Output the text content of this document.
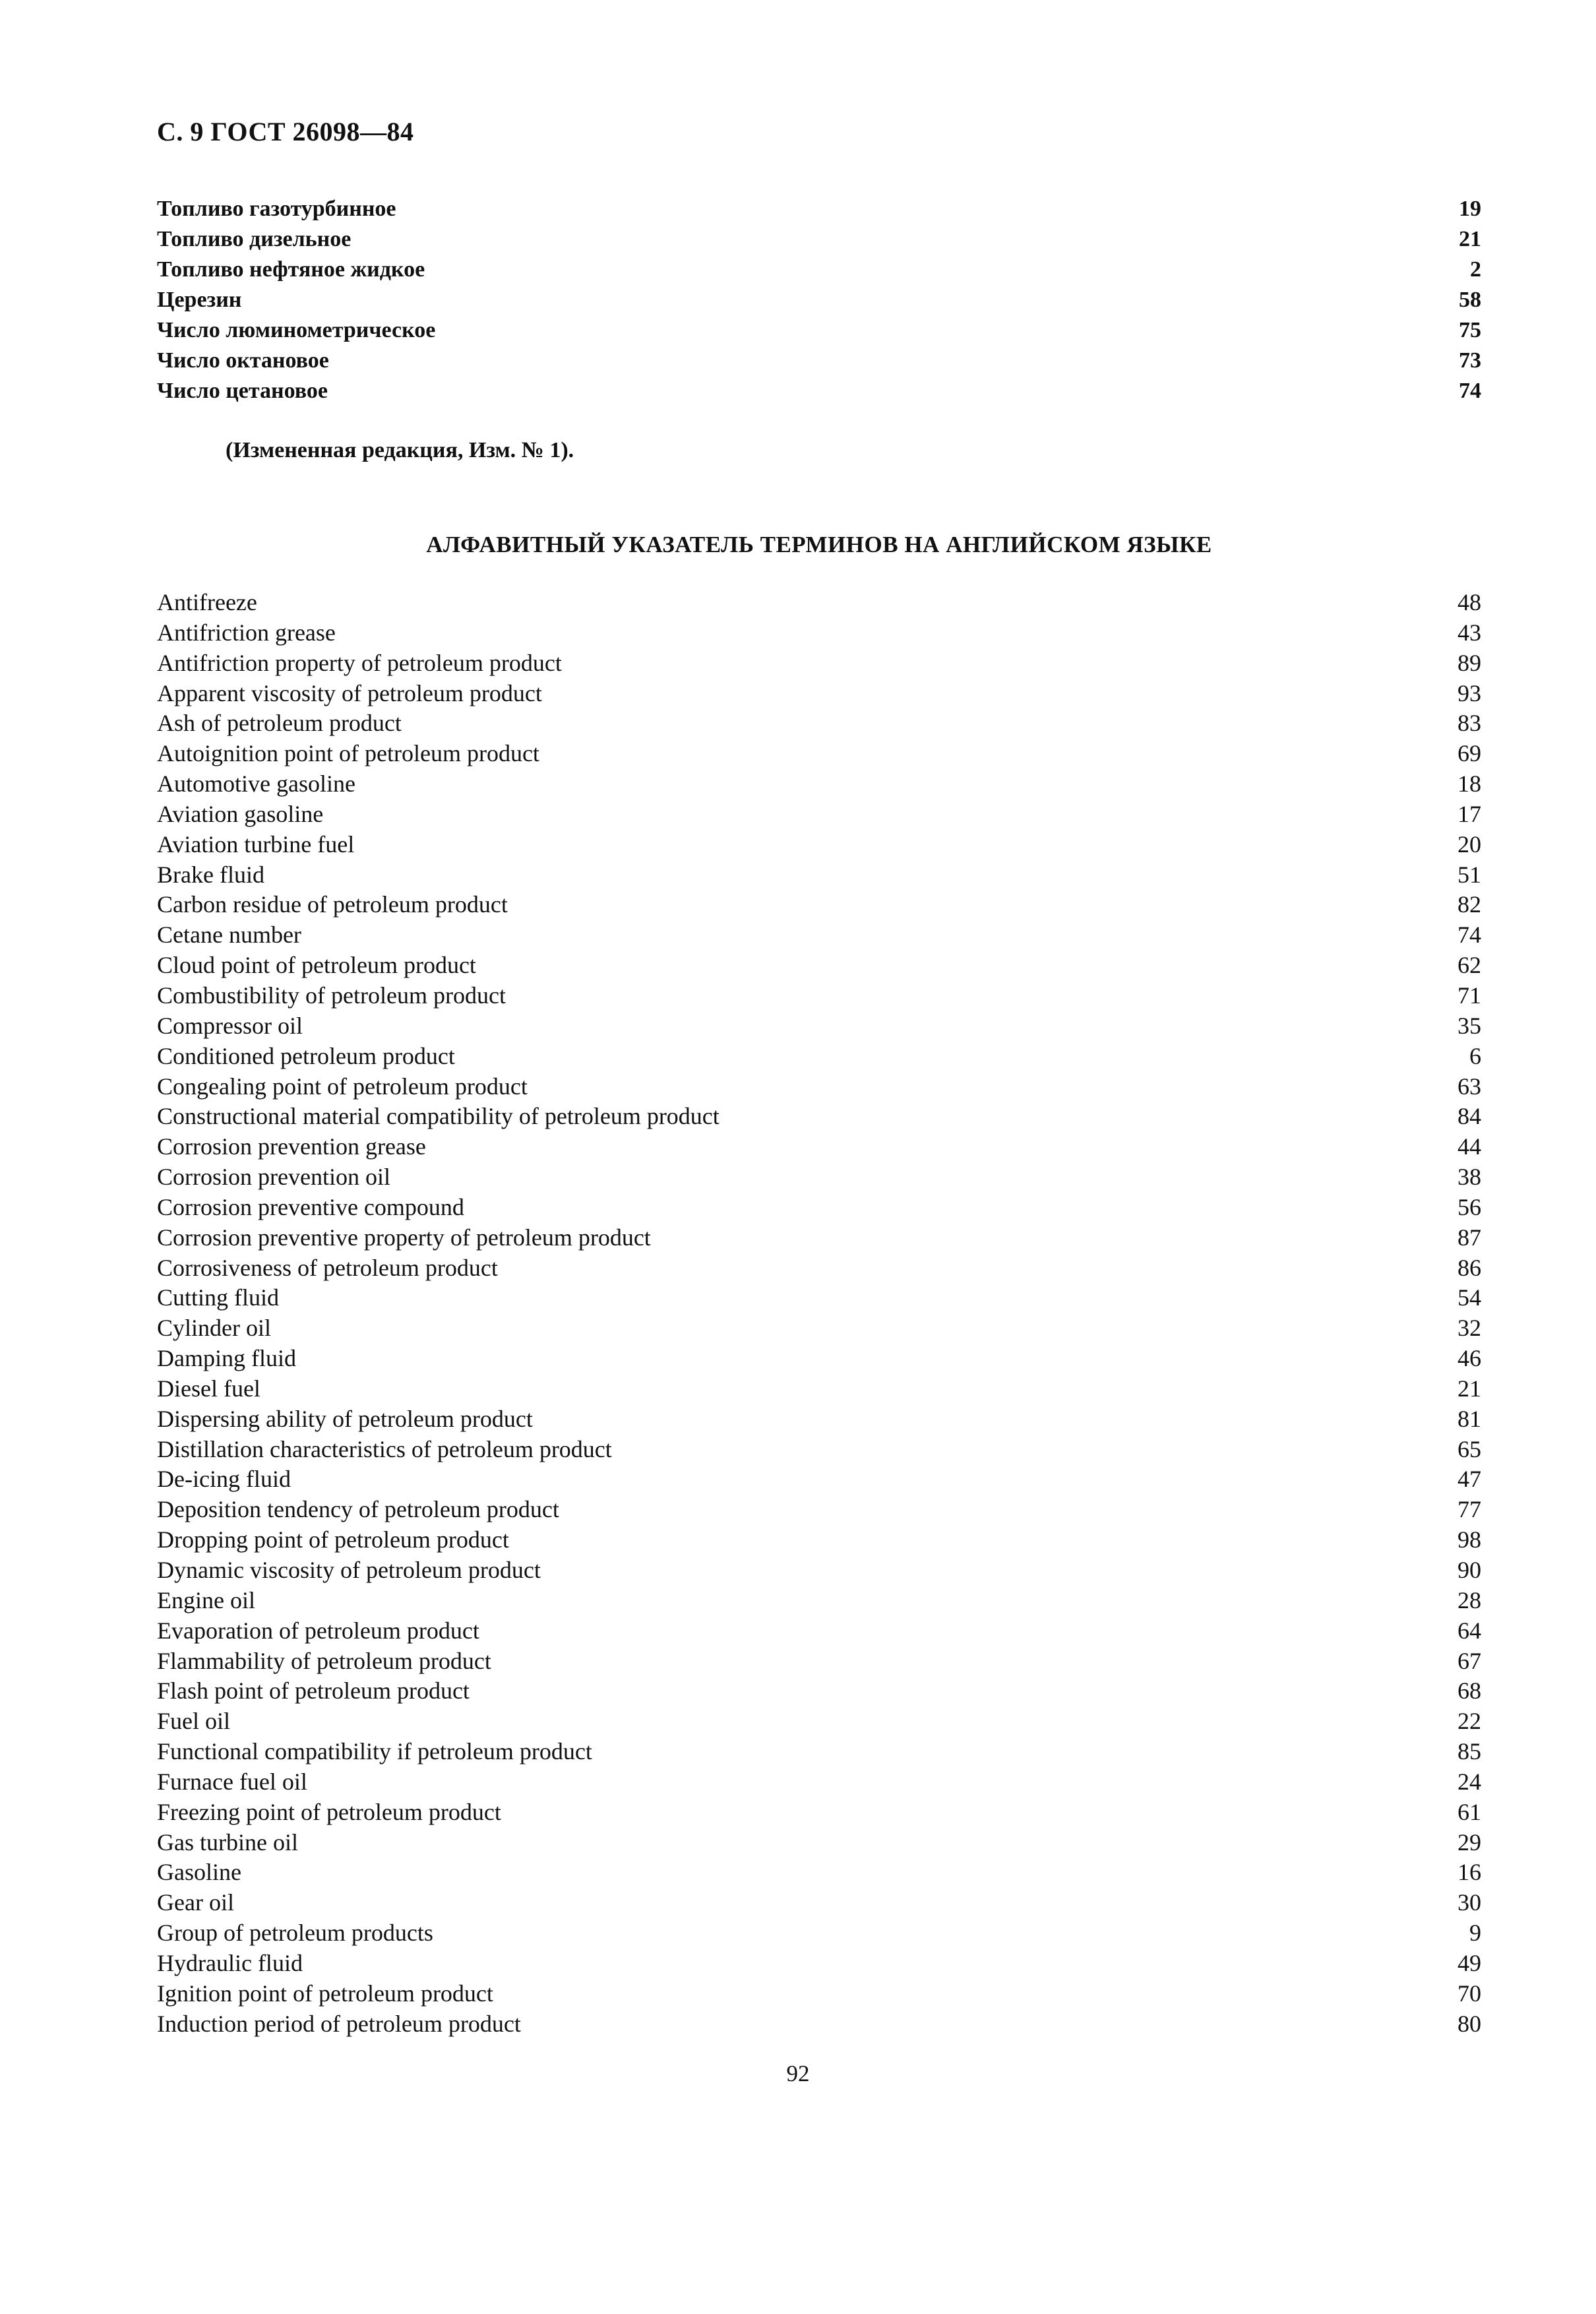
С. 9 ГОСТ 26098—84
Топливо газотурбинное	19
Топливо дизельное	21
Топливо нефтяное жидкое	2
Церезин	58
Число люминометрическое	75
Число октановое	73
Число цетановое	74
(Измененная редакция, Изм. № 1).
АЛФАВИТНЫЙ УКАЗАТЕЛЬ ТЕРМИНОВ НА АНГЛИЙСКОМ ЯЗЫКЕ
Antifreeze	48
Antifriction grease	43
Antifriction property of petroleum product	89
Apparent viscosity of petroleum product	93
Ash of petroleum product	83
Autoignition point of petroleum product	69
Automotive gasoline	18
Aviation gasoline	17
Aviation turbine fuel	20
Brake fluid	51
Carbon residue of petroleum product	82
Cetane number	74
Cloud point of petroleum product	62
Combustibility of petroleum product	71
Compressor oil	35
Conditioned petroleum product	6
Congealing point of petroleum product	63
Constructional material compatibility of petroleum product	84
Corrosion prevention grease	44
Corrosion prevention oil	38
Corrosion preventive compound	56
Corrosion preventive property of petroleum product	87
Corrosiveness of petroleum product	86
Cutting fluid	54
Cylinder oil	32
Damping fluid	46
Diesel fuel	21
Dispersing ability of petroleum product	81
Distillation characteristics of petroleum product	65
De-icing fluid	47
Deposition tendency of petroleum product	77
Dropping point of petroleum product	98
Dynamic viscosity of petroleum product	90
Engine oil	28
Evaporation of petroleum product	64
Flammability of petroleum product	67
Flash point of petroleum product	68
Fuel oil	22
Functional compatibility if petroleum product	85
Furnace fuel oil	24
Freezing point of petroleum product	61
Gas turbine oil	29
Gasoline	16
Gear oil	30
Group of petroleum products	9
Hydraulic fluid	49
Ignition point of petroleum product	70
Induction period of petroleum product	80
92
